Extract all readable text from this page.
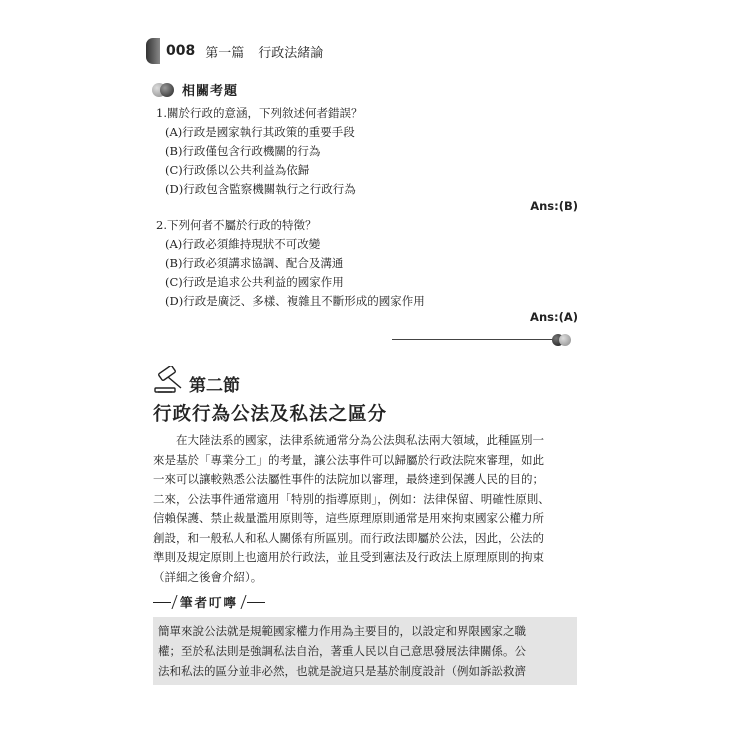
008 第一篇 行政法緒論
相關考題

1.關於行政的意涵，下列敘述何者錯誤？

(A)行政是國家執行其政策的重要手段

(B)行政僅包含行政機關的行為

(C)行政係以公共利益為依歸

(D)行政包含監察機關執行之行政行為

Ans:(B)

2.下列何者不屬於行政的特徵？

(A)行政必須維持現狀不可改變

(B)行政必須講求協調、配合及溝通

(C)行政是追求公共利益的國家作用

(D)行政是廣泛、多樣、複雜且不斷形成的國家作用

Ans:(A)
第二節
行政行為公法及私法之區分

　　在大陸法系的國家，法律系統通常分為公法與私法兩大領域，此種區別一
來是基於「專業分工」的考量，讓公法事件可以歸屬於行政法院來審理，如此
一來可以讓較熟悉公法屬性事件的法院加以審理，最終達到保護人民的目的；
二來，公法事件通常適用「特別的指導原則」，例如：法律保留、明確性原則、
信賴保護、禁止裁量濫用原則等，這些原理原則通常是用來拘束國家公權力所
創設，和一般私人和私人關係有所區別。而行政法即屬於公法，因此，公法的
準則及規定原則上也適用於行政法，並且受到憲法及行政法上原理原則的拘束
（詳細之後會介紹）。

筆者叮嚀

簡單來說公法就是規範國家權力作用為主要目的，以設定和界限國家之職
權；至於私法則是強調私法自治，著重人民以自己意思發展法律關係。公
法和私法的區分並非必然，也就是說這只是基於制度設計（例如訴訟救濟
